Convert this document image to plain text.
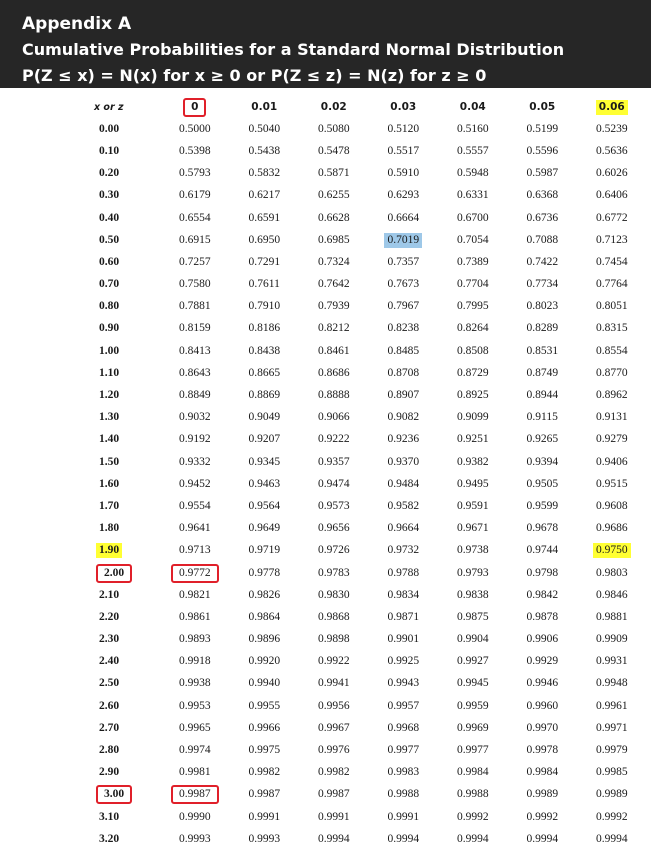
Appendix A
Cumulative Probabilities for a Standard Normal Distribution
P(Z ≤ x) = N(x) for x ≥ 0 or P(Z ≤ z) = N(z) for z ≥ 0
x or z	0	0.01	0.02	0.03	0.04	0.05	0.06
0.00	0.5000	0.5040	0.5080	0.5120	0.5160	0.5199	0.5239
0.10	0.5398	0.5438	0.5478	0.5517	0.5557	0.5596	0.5636
0.20	0.5793	0.5832	0.5871	0.5910	0.5948	0.5987	0.6026
0.30	0.6179	0.6217	0.6255	0.6293	0.6331	0.6368	0.6406
0.40	0.6554	0.6591	0.6628	0.6664	0.6700	0.6736	0.6772
0.50	0.6915	0.6950	0.6985	0.7019	0.7054	0.7088	0.7123
0.60	0.7257	0.7291	0.7324	0.7357	0.7389	0.7422	0.7454
0.70	0.7580	0.7611	0.7642	0.7673	0.7704	0.7734	0.7764
0.80	0.7881	0.7910	0.7939	0.7967	0.7995	0.8023	0.8051
0.90	0.8159	0.8186	0.8212	0.8238	0.8264	0.8289	0.8315
1.00	0.8413	0.8438	0.8461	0.8485	0.8508	0.8531	0.8554
1.10	0.8643	0.8665	0.8686	0.8708	0.8729	0.8749	0.8770
1.20	0.8849	0.8869	0.8888	0.8907	0.8925	0.8944	0.8962
1.30	0.9032	0.9049	0.9066	0.9082	0.9099	0.9115	0.9131
1.40	0.9192	0.9207	0.9222	0.9236	0.9251	0.9265	0.9279
1.50	0.9332	0.9345	0.9357	0.9370	0.9382	0.9394	0.9406
1.60	0.9452	0.9463	0.9474	0.9484	0.9495	0.9505	0.9515
1.70	0.9554	0.9564	0.9573	0.9582	0.9591	0.9599	0.9608
1.80	0.9641	0.9649	0.9656	0.9664	0.9671	0.9678	0.9686
1.90	0.9713	0.9719	0.9726	0.9732	0.9738	0.9744	0.9750
2.00	0.9772	0.9778	0.9783	0.9788	0.9793	0.9798	0.9803
2.10	0.9821	0.9826	0.9830	0.9834	0.9838	0.9842	0.9846
2.20	0.9861	0.9864	0.9868	0.9871	0.9875	0.9878	0.9881
2.30	0.9893	0.9896	0.9898	0.9901	0.9904	0.9906	0.9909
2.40	0.9918	0.9920	0.9922	0.9925	0.9927	0.9929	0.9931
2.50	0.9938	0.9940	0.9941	0.9943	0.9945	0.9946	0.9948
2.60	0.9953	0.9955	0.9956	0.9957	0.9959	0.9960	0.9961
2.70	0.9965	0.9966	0.9967	0.9968	0.9969	0.9970	0.9971
2.80	0.9974	0.9975	0.9976	0.9977	0.9977	0.9978	0.9979
2.90	0.9981	0.9982	0.9982	0.9983	0.9984	0.9984	0.9985
3.00	0.9987	0.9987	0.9987	0.9988	0.9988	0.9989	0.9989
3.10	0.9990	0.9991	0.9991	0.9991	0.9992	0.9992	0.9992
3.20	0.9993	0.9993	0.9994	0.9994	0.9994	0.9994	0.9994
